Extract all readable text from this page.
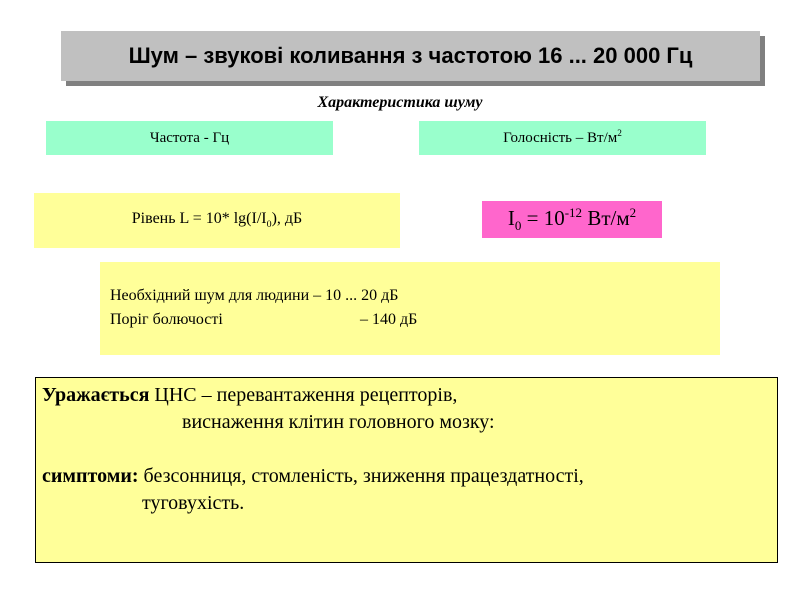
Шум – звукові коливання з частотою 16 ... 20 000 Гц
Характеристика шуму
Частота - Гц	Голосність – $Вт/м^2$
Рівень L = 10* $\lg(I/I_0)$, дБ	$I_0 = 10^{-12}$ $Вт/м^2$
Необхідний шум для людини – 10 ... 20 дБ
Поріг болючості	– 140 дБ
Уражається ЦНС – перевантаження рецепторів,
виснаження клітин головного мозку:
симптоми: безсонниця, стомленість, зниження працездатності,
туговухість.
